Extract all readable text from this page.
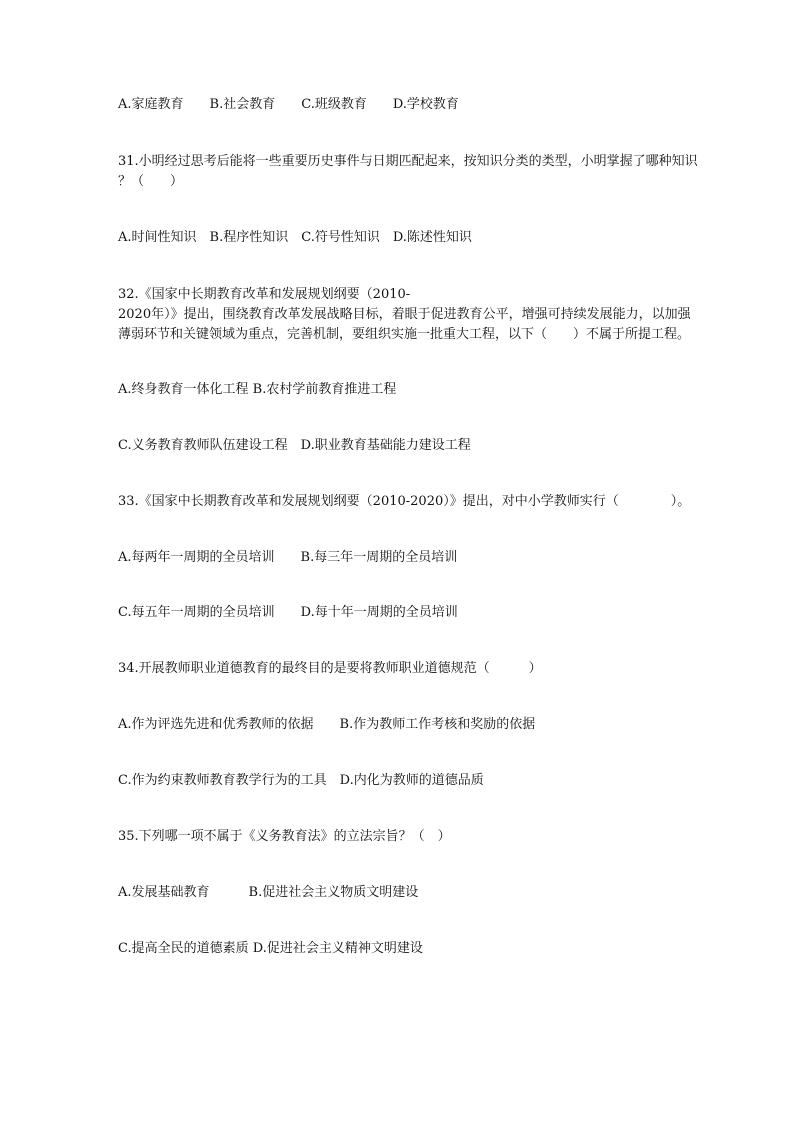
A.家庭教育　　B.社会教育　　C.班级教育　　D.学校教育
31.小明经过思考后能将一些重要历史事件与日期匹配起来，按知识分类的类型，小明掌握了哪种知识
？（　　）
A.时间性知识　B.程序性知识　C.符号性知识　D.陈述性知识
32.《国家中长期教育改革和发展规划纲要（2010-
2020年）》提出，围绕教育改革发展战略目标，着眼于促进教育公平，增强可持续发展能力，以加强
薄弱环节和关键领域为重点，完善机制，要组织实施一批重大工程，以下（　　）不属于所提工程。
A.终身教育一体化工程 B.农村学前教育推进工程
C.义务教育教师队伍建设工程　D.职业教育基础能力建设工程
33.《国家中长期教育改革和发展规划纲要（2010-2020）》提出，对中小学教师实行（　　　　）。
A.每两年一周期的全员培训　　B.每三年一周期的全员培训
C.每五年一周期的全员培训　　D.每十年一周期的全员培训
34.开展教师职业道德教育的最终目的是要将教师职业道德规范（　　　）
A.作为评选先进和优秀教师的依据　　B.作为教师工作考核和奖励的依据
C.作为约束教师教育教学行为的工具　D.内化为教师的道德品质
35.下列哪一项不属于《义务教育法》的立法宗旨？（　）
A.发展基础教育　　　B.促进社会主义物质文明建设
C.提高全民的道德素质 D.促进社会主义精神文明建设
